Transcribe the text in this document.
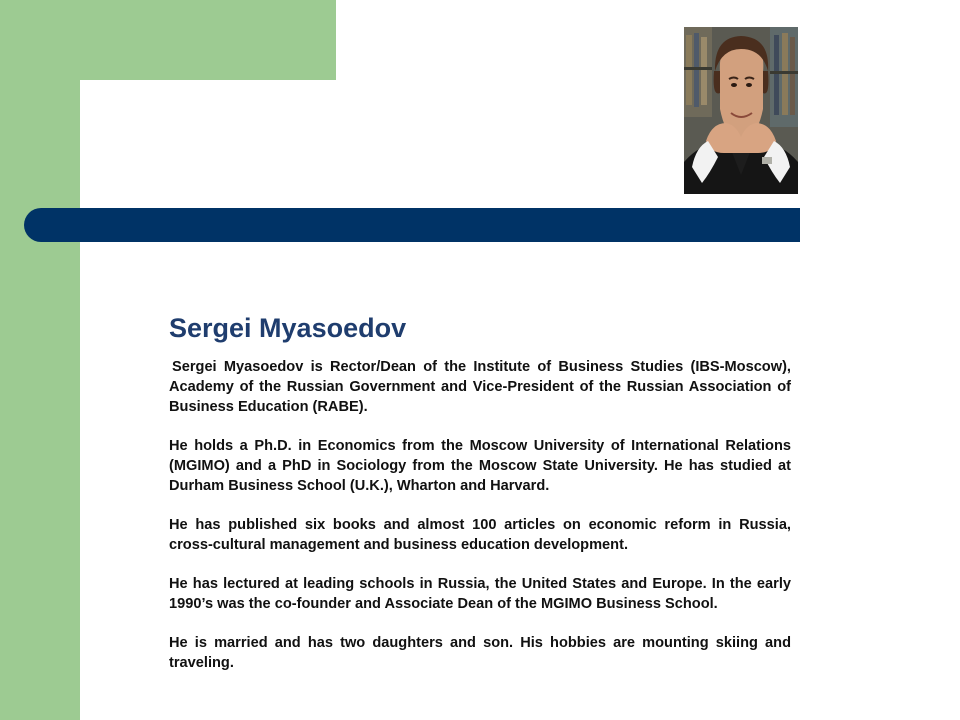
Sergei Myasoedov

Sergei Myasoedov is Rector/Dean of the Institute of Business Studies (IBS-Moscow), Academy of the Russian Government and Vice-President of the Russian Association of Business Education (RABE).

He holds a Ph.D. in Economics from the Moscow University of International Relations (MGIMO) and a PhD in Sociology from the Moscow State University. He has studied at Durham Business School (U.K.), Wharton and Harvard.

He has published six books and almost 100 articles on economic reform in Russia, cross-cultural management and business education development.

He has lectured at leading schools in Russia, the United States and Europe. In the early 1990’s was the co-founder and Associate Dean of the MGIMO Business School.

He is married and has two daughters and son. His hobbies are mounting skiing and traveling.
